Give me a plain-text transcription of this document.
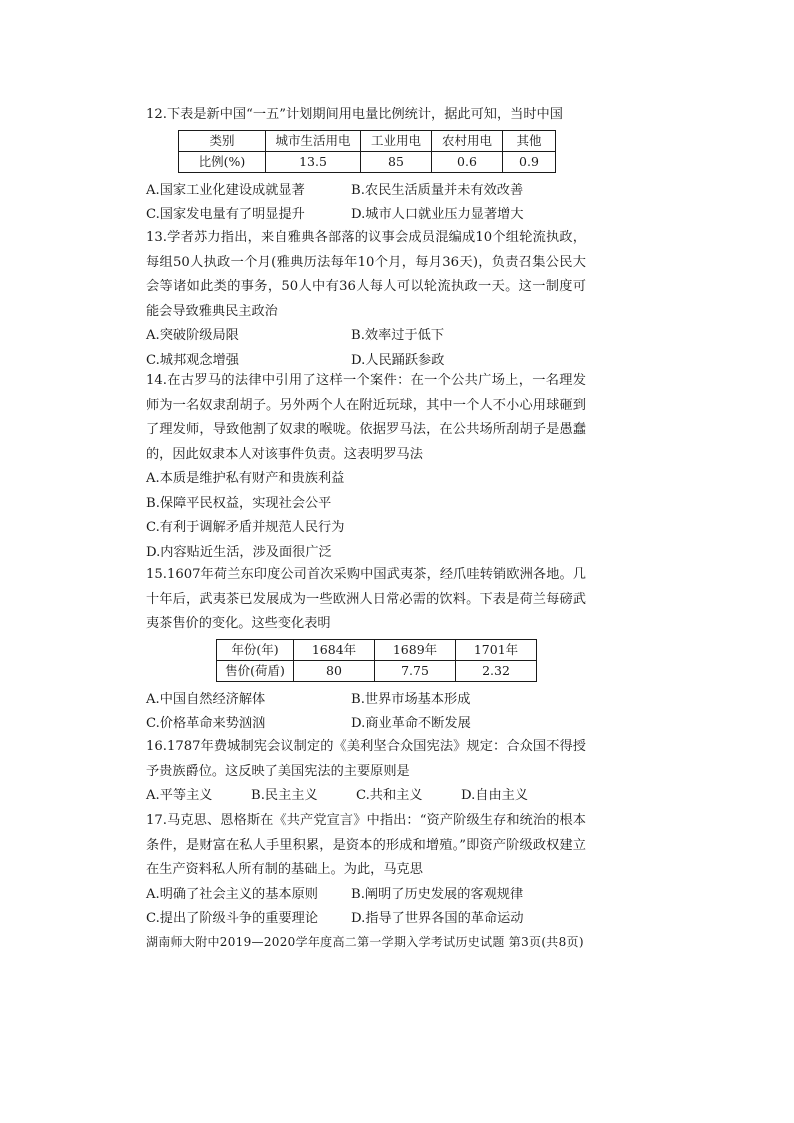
12.下表是新中国“一五”计划期间用电量比例统计，据此可知，当时中国

类别	城市生活用电	工业用电	农村用电	其他
比例(%)	13.5	85	0.6	0.9
A.国家工业化建设成就显著	B.农民生活质量并未有效改善
C.国家发电量有了明显提升	D.城市人口就业压力显著增大

13.学者苏力指出，来自雅典各部落的议事会成员混编成10个组轮流执政，每组50人执政一个月(雅典历法每年10个月，每月36天)，负责召集公民大会等诸如此类的事务，50人中有36人每人可以轮流执政一天。这一制度可能会导致雅典民主政治

A.突破阶级局限	B.效率过于低下
C.城邦观念增强	D.人民踊跃参政

14.在古罗马的法律中引用了这样一个案件：在一个公共广场上，一名理发师为一名奴隶刮胡子。另外两个人在附近玩球，其中一个人不小心用球砸到了理发师，导致他割了奴隶的喉咙。依据罗马法，在公共场所刮胡子是愚蠢的，因此奴隶本人对该事件负责。这表明罗马法

A.本质是维护私有财产和贵族利益

B.保障平民权益，实现社会公平

C.有利于调解矛盾并规范人民行为

D.内容贴近生活，涉及面很广泛

15.1607年荷兰东印度公司首次采购中国武夷茶，经爪哇转销欧洲各地。几十年后，武夷茶已发展成为一些欧洲人日常必需的饮料。下表是荷兰每磅武夷茶售价的变化。这些变化表明

年份(年)	1684年	1689年	1701年
售价(荷盾)	80	7.75	2.32
A.中国自然经济解体	B.世界市场基本形成
C.价格革命来势汹汹	D.商业革命不断发展

16.1787年费城制宪会议制定的《美利坚合众国宪法》规定：合众国不得授予贵族爵位。这反映了美国宪法的主要原则是

A.平等主义	B.民主主义	C.共和主义	D.自由主义

17.马克思、恩格斯在《共产党宣言》中指出：“资产阶级生存和统治的根本条件，是财富在私人手里积累，是资本的形成和增殖。”即资产阶级政权建立在生产资料私人所有制的基础上。为此，马克思

A.明确了社会主义的基本原则	B.阐明了历史发展的客观规律
C.提出了阶级斗争的重要理论	D.指导了世界各国的革命运动
湖南师大附中2019—2020学年度高二第一学期入学考试历史试题 第3页(共8页)
